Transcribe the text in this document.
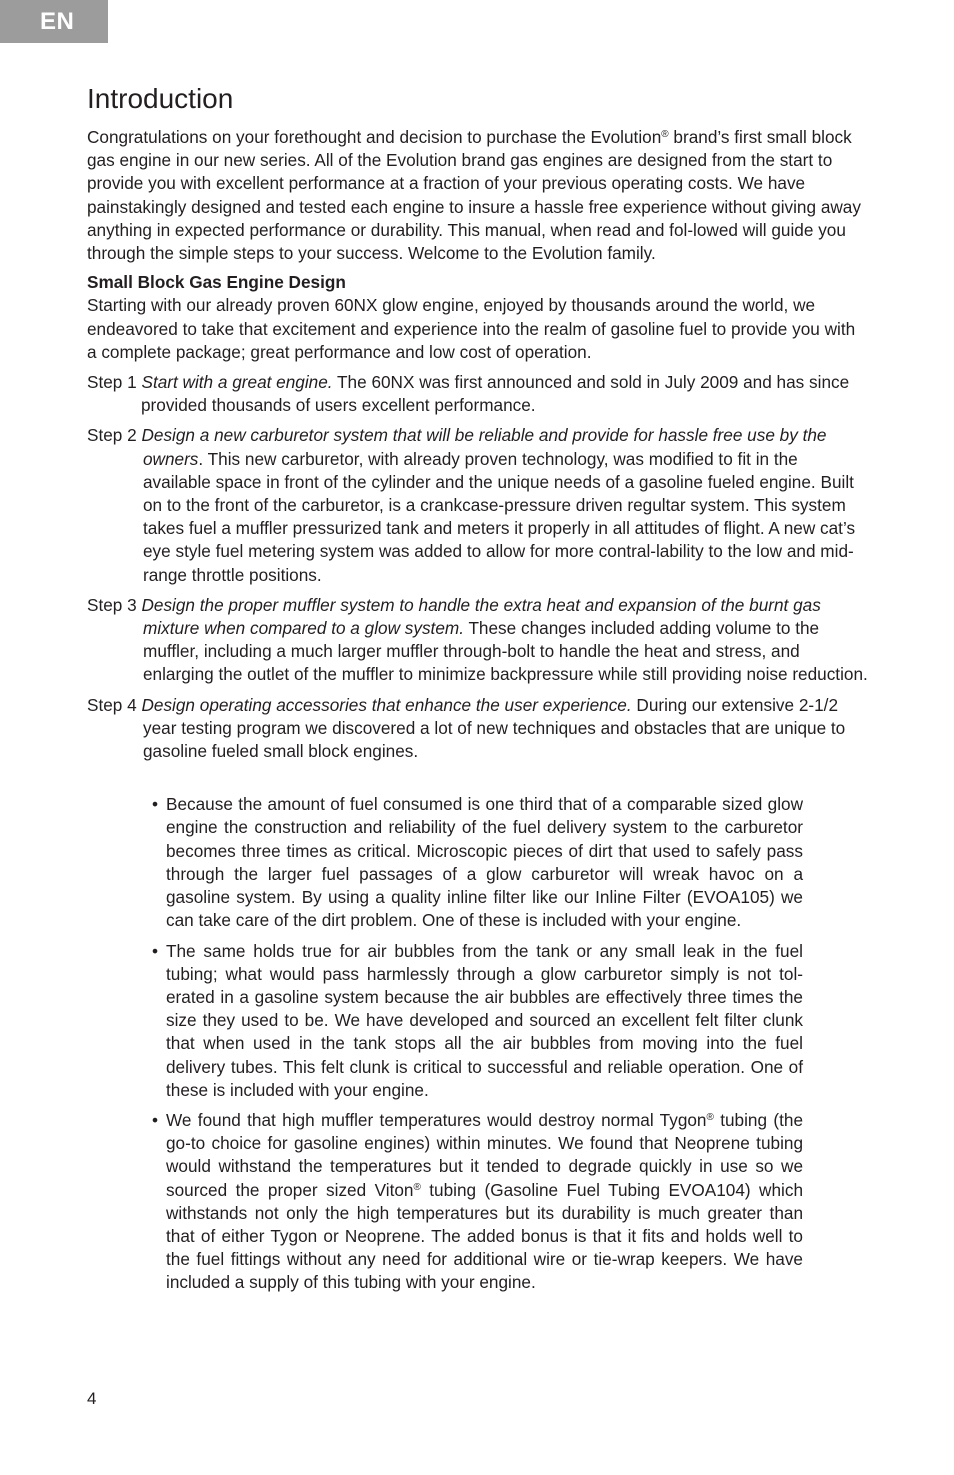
EN
Introduction

Congratulations on your forethought and decision to purchase the Evolution® brand’s first small block gas engine in our new series. All of the Evolution brand gas engines are designed from the start to provide you with excellent performance at a fraction of your previous operating costs. We have painstakingly designed and tested each engine to insure a hassle free experience without giving away anything in expected performance or durability. This manual, when read and fol-lowed will guide you through the simple steps to your success. Welcome to the Evolution family.

Small Block Gas Engine Design

Starting with our already proven 60NX glow engine, enjoyed by thousands around the world, we endeavored to take that excitement and experience into the realm of gasoline fuel to provide you with a complete package; great performance and low cost of operation.

Step 1 Start with a great engine. The 60NX was first announced and sold in July 2009 and has since provided thousands of users excellent performance.
Step 2 Design a new carburetor system that will be reliable and provide for hassle free use by the owners. This new carburetor, with already proven technology, was modified to fit in the available space in front of the cylinder and the unique needs of a gasoline fueled engine. Built on to the front of the carburetor, is a crankcase-pressure driven regultar system. This system takes fuel a muffler pressurized tank and meters it properly in all attitudes of flight. A new cat’s eye style fuel metering system was added to allow for more contral-lability to the low and mid-range throttle positions.
Step 3 Design the proper muffler system to handle the extra heat and expansion of the burnt gas mixture when compared to a glow system. These changes included adding volume to the muffler, including a much larger muffler through-bolt to handle the heat and stress, and enlarging the outlet of the muffler to minimize backpressure while still providing noise reduction.
Step 4 Design operating accessories that enhance the user experience. During our extensive 2-1/2 year testing program we discovered a lot of new techniques and obstacles that are unique to gasoline fueled small block engines.
• Because the amount of fuel consumed is one third that of a comparable sized glow engine the construction and reliability of the fuel delivery system to the carburetor becomes three times as critical. Microscopic pieces of dirt that used to safely pass through the larger fuel passages of a glow carburetor will wreak havoc on a gasoline system. By using a quality inline filter like our Inline Filter (EVOA105) we can take care of the dirt problem. One of these is included with your engine.
• The same holds true for air bubbles from the tank or any small leak in the fuel tubing; what would pass harmlessly through a glow carburetor simply is not tol-erated in a gasoline system because the air bubbles are effectively three times the size they used to be. We have developed and sourced an excellent felt filter clunk that when used in the tank stops all the air bubbles from moving into the fuel delivery tubes. This felt clunk is critical to successful and reliable operation. One of these is included with your engine.
• We found that high muffler temperatures would destroy normal Tygon® tubing (the go-to choice for gasoline engines) within minutes. We found that Neoprene tubing would withstand the temperatures but it tended to degrade quickly in use so we sourced the proper sized Viton® tubing (Gasoline Fuel Tubing EVOA104) which withstands not only the high temperatures but its durability is much greater than that of either Tygon or Neoprene. The added bonus is that it fits and holds well to the fuel fittings without any need for additional wire or tie-wrap keepers. We have included a supply of this tubing with your engine.
4
